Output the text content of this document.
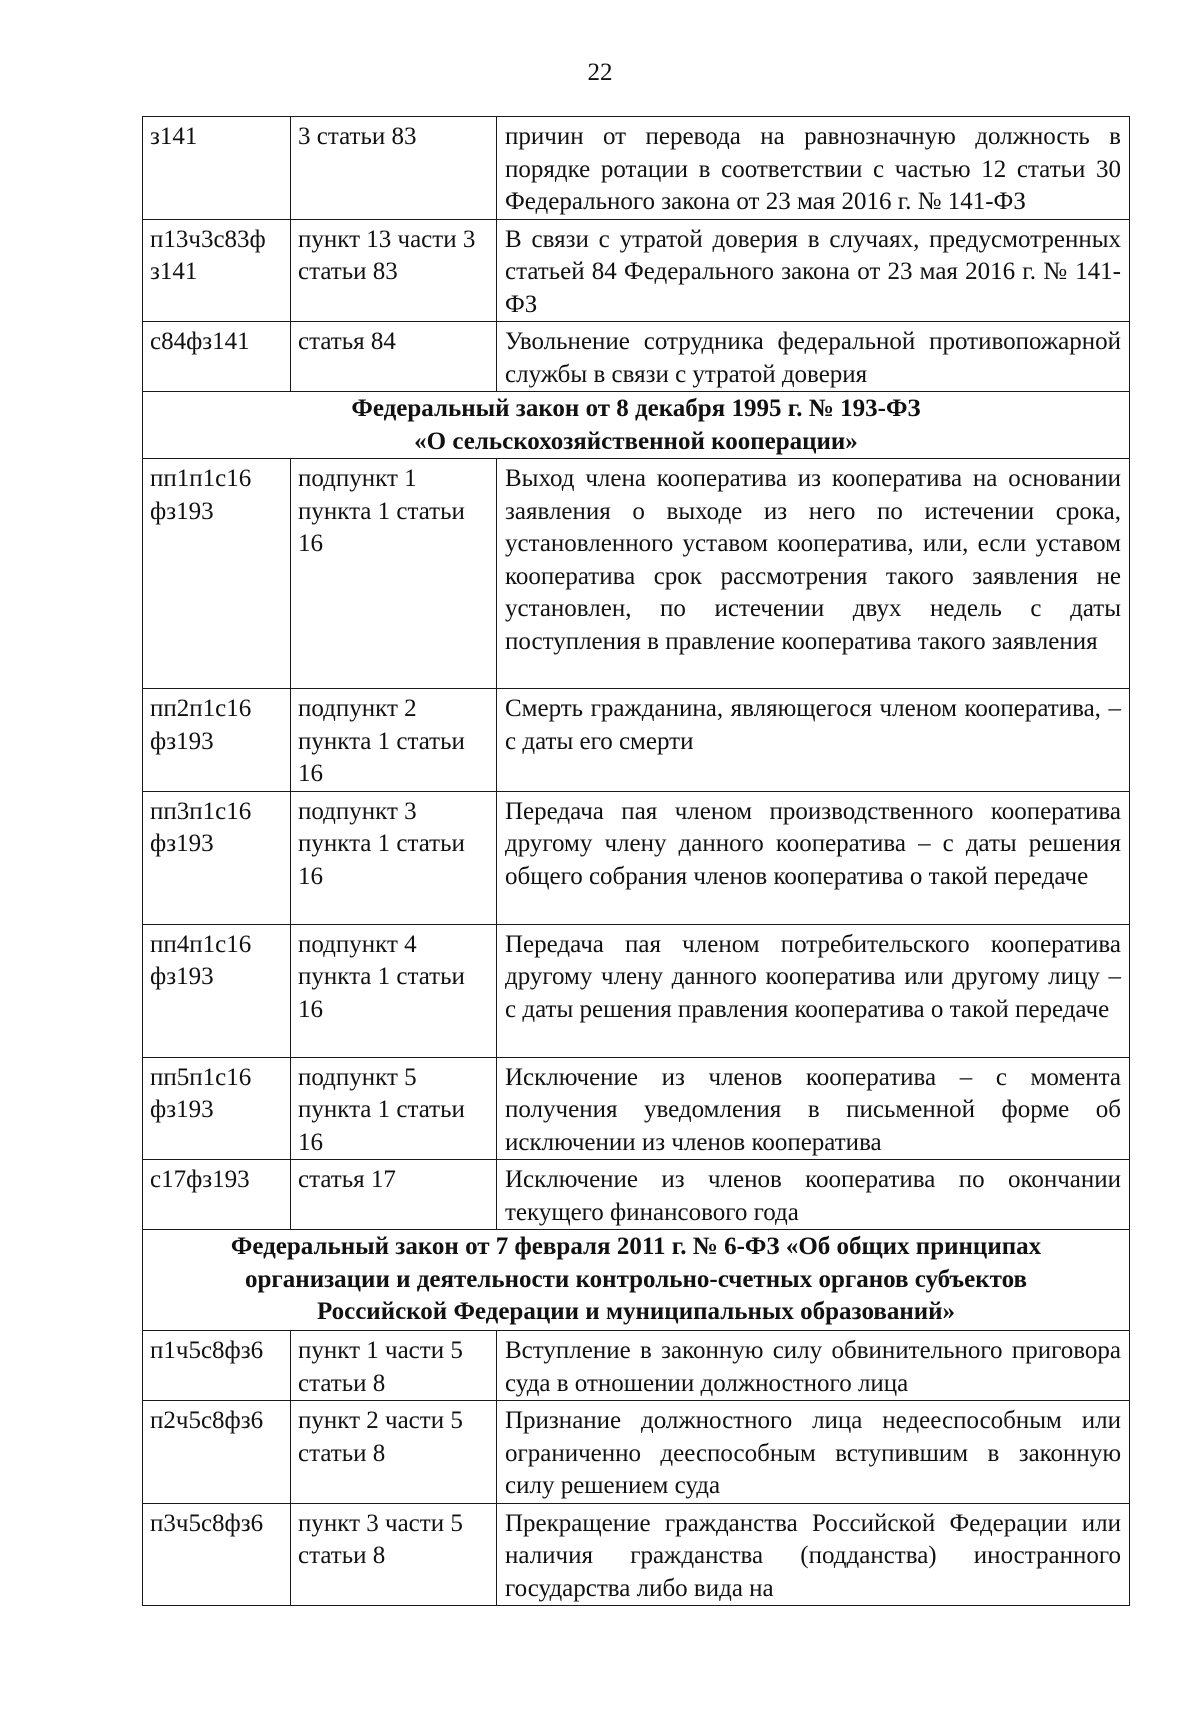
22
з141	3 статьи 83	причин от перевода на равнозначную должность в порядке ротации в соответствии с частью 12 статьи 30 Федерального закона от 23 мая 2016 г. № 141-ФЗ
п13ч3с83ф з141	пункт 13 части 3 статьи 83	В связи с утратой доверия в случаях, предусмотренных статьей 84 Федерального закона от 23 мая 2016 г. № 141-ФЗ
с84фз141	статья 84	Увольнение сотрудника федеральной противопожарной службы в связи с утратой доверия

Федеральный закон от 8 декабря 1995 г. № 193-ФЗ
«О сельскохозяйственной кооперации»		

пп1п1с16 фз193	подпункт 1 пункта 1 статьи 16	Выход члена кооператива из кооператива на основании заявления о выходе из него по истечении срока, установленного уставом кооператива, или, если уставом кооператива срок рассмотрения такого заявления не установлен, по истечении двух недель с даты поступления в правление кооператива такого заявления
пп2п1с16 фз193	подпункт 2 пункта 1 статьи 16	Смерть гражданина, являющегося членом кооператива, – с даты его смерти
пп3п1с16 фз193	подпункт 3 пункта 1 статьи 16	Передача пая членом производственного кооператива другому члену данного кооператива – с даты решения общего собрания членов кооператива о такой передаче
пп4п1с16 фз193	подпункт 4 пункта 1 статьи 16	Передача пая членом потребительского кооператива другому члену данного кооператива или другому лицу – с даты решения правления кооператива о такой передаче
пп5п1с16 фз193	подпункт 5 пункта 1 статьи 16	Исключение из членов кооператива – с момента получения уведомления в письменной форме об исключении из членов кооператива
с17фз193	статья 17	Исключение из членов кооператива по окончании текущего финансового года

Федеральный закон от 7 февраля 2011 г. № 6-ФЗ «Об общих принципах
организации и деятельности контрольно-счетных органов субъектов
Российской Федерации и муниципальных образований»		

п1ч5с8фз6	пункт 1 части 5 статьи 8	Вступление в законную силу обвинительного приговора суда в отношении должностного лица
п2ч5с8фз6	пункт 2 части 5 статьи 8	Признание должностного лица недееспособным или ограниченно дееспособным вступившим в законную силу решением суда
п3ч5с8фз6	пункт 3 части 5 статьи 8	Прекращение гражданства Российской Федерации или наличия гражданства (подданства) иностранного государства либо вида на
